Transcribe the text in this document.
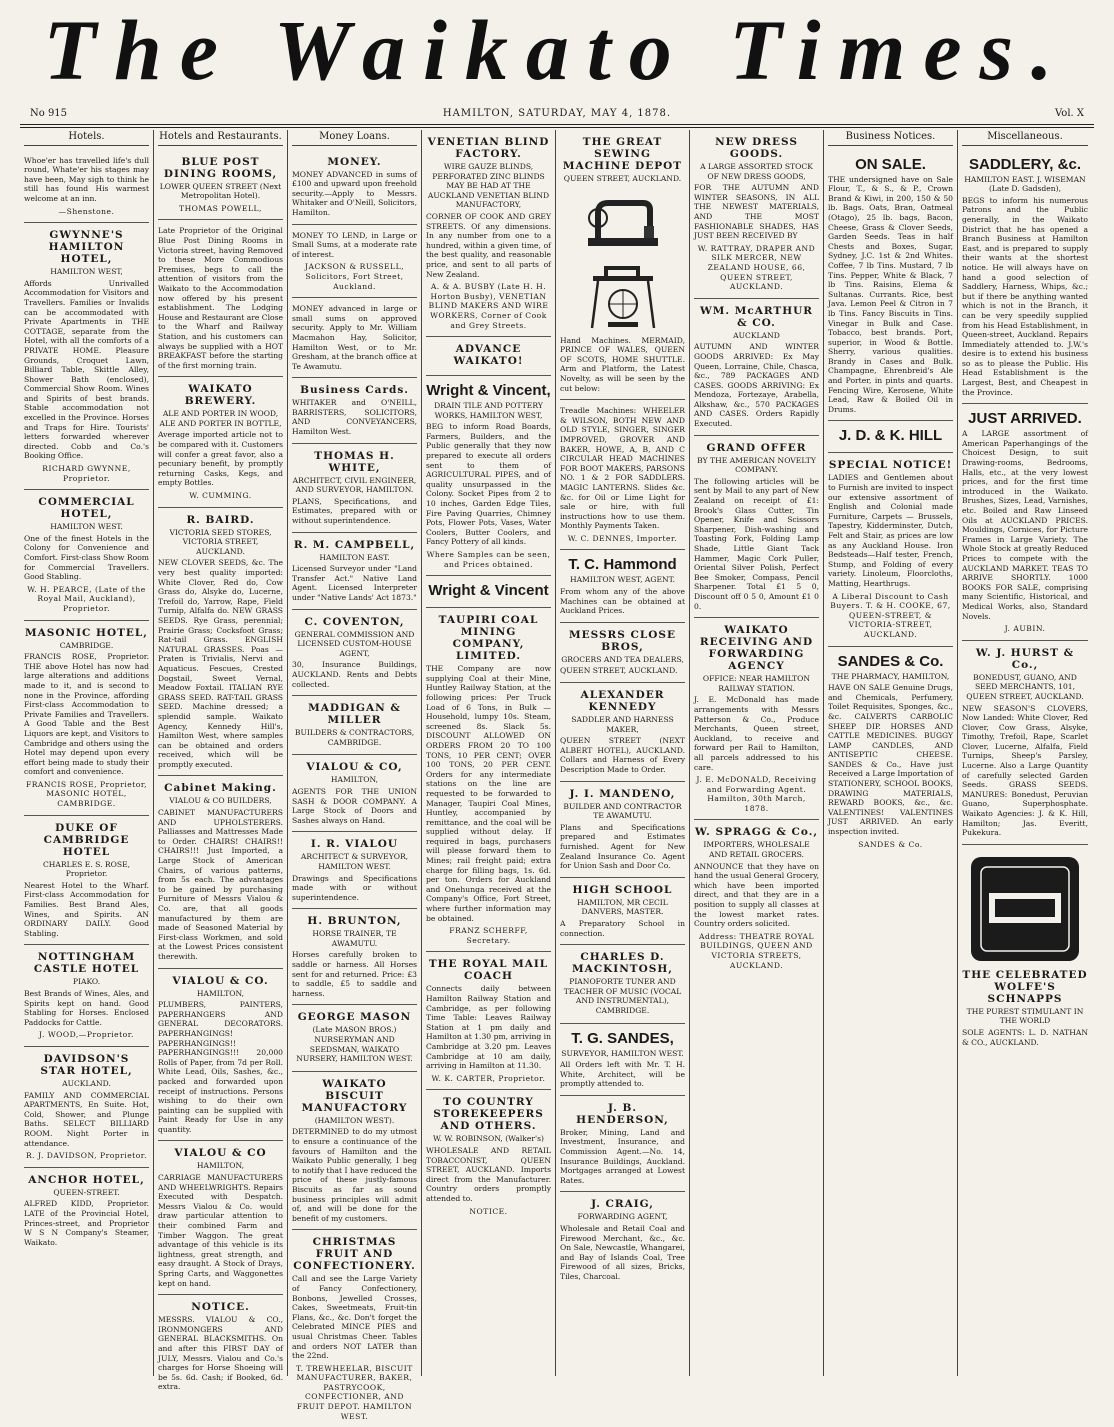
The Waikato Times.
No 915	HAMILTON, SATURDAY, MAY 4, 1878.	Vol. X
Hotels.
Whoe'er has travelled life's dull round, Whate'er his stages may have been, May sigh to think he still has found His warmest welcome at an inn.
—Shenstone.
GWYNNE'S HAMILTON HOTEL,
HAMILTON WEST,
Affords Unrivalled Accommodation for Visitors and Travellers. Families or Invalids can be accommodated with Private Apartments in THE COTTAGE, separate from the Hotel, with all the comforts of a PRIVATE HOME. Pleasure Grounds, Croquet Lawn, Billiard Table, Skittle Alley, Shower Bath (enclosed), Commercial Show Room. Wines and Spirits of best brands. Stable accommodation not excelled in the Province. Horses and Traps for Hire. Tourists' letters forwarded wherever directed. Cobb and Co.'s Booking Office.
RICHARD GWYNNE, Proprietor.
COMMERCIAL HOTEL,
HAMILTON WEST.
One of the finest Hotels in the Colony for Convenience and Comfort. First-class Show Room for Commercial Travellers. Good Stabling.
W. H. PEARCE, (Late of the Royal Mail, Auckland), Proprietor.
MASONIC HOTEL,
CAMBRIDGE.
FRANCIS ROSE, Proprietor. THE above Hotel has now had large alterations and additions made to it, and is second to none in the Province, affording First-class Accommodation to Private Families and Travellers. A Good Table and the Best Liquors are kept, and Visitors to Cambridge and others using the Hotel may depend upon every effort being made to study their comfort and convenience.
FRANCIS ROSE, Proprietor, MASONIC HOTEL, CAMBRIDGE.
DUKE OF CAMBRIDGE HOTEL
CHARLES E. S. ROSE, Proprietor.
Nearest Hotel to the Wharf. First-class Accommodation for Families. Best Brand Ales, Wines, and Spirits. AN ORDINARY DAILY. Good Stabling.
NOTTINGHAM CASTLE HOTEL
PIAKO.
Best Brands of Wines, Ales, and Spirits kept on hand. Good Stabling for Horses. Enclosed Paddocks for Cattle.
J. WOOD,—Proprietor.
DAVIDSON'S STAR HOTEL,
AUCKLAND.
FAMILY AND COMMERCIAL APARTMENTS, En Suite. Hot, Cold, Shower, and Plunge Baths. SELECT BILLIARD ROOM. Night Porter in attendance.
R. J. DAVIDSON, Proprietor.
ANCHOR HOTEL,
QUEEN-STREET.
ALFRED KIDD, Proprietor. LATE of the Provincial Hotel, Princes-street, and Proprietor W S N Company's Steamer, Waikato.
Hotels and Restaurants.
BLUE POST DINING ROOMS,
LOWER QUEEN STREET (Next Metropolitan Hotel).
THOMAS POWELL,
Late Proprietor of the Original Blue Post Dining Rooms in Victoria street, having Removed to these More Commodious Premises, begs to call the attention of visitors from the Waikato to the Accommodation now offered by his present establishment. The Lodging House and Restaurant are Close to the Wharf and Railway Station, and his customers can always be supplied with a HOT BREAKFAST before the starting of the first morning train.
WAIKATO BREWERY.
ALE AND PORTER IN WOOD, ALE AND PORTER IN BOTTLE,
Average imported article not to be compared with it. Customers will confer a great favor, also a pecuniary benefit, by promptly returning Casks, Kegs, and empty Bottles.
W. CUMMING.
R. BAIRD.
VICTORIA SEED STORES, VICTORIA STREET, AUCKLAND.
NEW CLOVER SEEDS, &c. The very best quality imported: White Clover, Red do, Cow Grass do, Alsyke do, Lucerne, Trefoil do, Yarrow, Rape, Field Turnip, Alfalfa do. NEW GRASS SEEDS. Rye Grass, perennial; Prairie Grass; Cocksfoot Grass; Rat-tail Grass. ENGLISH NATURAL GRASSES. Poas — Praten is Trivialis, Nervi and Aquaticus. Fescues, Crested Dogstail, Sweet Vernal, Meadow Foxtail. ITALIAN RYE GRASS SEED. RAT-TAIL GRASS SEED. Machine dressed; a splendid sample. Waikato Agency, Kennedy Hill's, Hamilton West, where samples can be obtained and orders received, which will be promptly executed.
Cabinet Making.
VIALOU & CO BUILDERS,
CABINET MANUFACTURERS AND UPHOLSTERERS. Palliasses and Mattresses Made to Order. CHAIRS! CHAIRS!! CHAIRS!!! Just Imported, a Large Stock of American Chairs, of various patterns, from 5s each. The advantages to be gained by purchasing Furniture of Messrs Vialou & Co. are, that all goods manufactured by them are made of Seasoned Material by First-class Workmen, and sold at the Lowest Prices consistent therewith.
VIALOU & CO.
HAMILTON,
PLUMBERS, PAINTERS, PAPERHANGERS AND GENERAL DECORATORS. PAPERHANGINGS! PAPERHANGINGS!! PAPERHANGINGS!!! 20,000 Rolls of Paper, from 7d per Roll. White Lead, Oils, Sashes, &c., packed and forwarded upon receipt of instructions. Persons wishing to do their own painting can be supplied with Paint Ready for Use in any quantity.
VIALOU & CO
HAMILTON,
CARRIAGE MANUFACTURERS AND WHEELWRIGHTS. Repairs Executed with Despatch. Messrs Vialou & Co. would draw particular attention to their combined Farm and Timber Waggon. The great advantage of this vehicle is its lightness, great strength, and easy draught. A Stock of Drays, Spring Carts, and Waggonettes kept on hand.
NOTICE.
MESSRS. VIALOU & CO., IRONMONGERS AND GENERAL BLACKSMITHS. On and after this FIRST DAY of JULY, Messrs. Vialou and Co.'s charges for Horse Shoeing will be 5s. 6d. Cash; if Booked, 6d. extra.
Money Loans.
MONEY.
MONEY ADVANCED in sums of £100 and upward upon freehold security.—Apply to Messrs. Whitaker and O'Neill, Solicitors, Hamilton.
MONEY TO LEND, in Large or Small Sums, at a moderate rate of interest.
JACKSON & RUSSELL, Solicitors, Fort Street, Auckland.
MONEY advanced in large or small sums on approved security. Apply to Mr. William Macmahon Hay, Solicitor, Hamilton West, or to Mr. Gresham, at the branch office at Te Awamutu.
Business Cards.
WHITAKER and O'NEILL, BARRISTERS, SOLICITORS, AND CONVEYANCERS, Hamilton West.
THOMAS H. WHITE,
ARCHITECT, CIVIL ENGINEER, AND SURVEYOR, HAMILTON.
PLANS, Specifications, and Estimates, prepared with or without superintendence.
R. M. CAMPBELL,
HAMILTON EAST.
Licensed Surveyor under "Land Transfer Act." Native Land Agent. Licensed Interpreter under "Native Lands' Act 1873."
C. COVENTON,
GENERAL COMMISSION AND LICENSED CUSTOM-HOUSE AGENT,
30, Insurance Buildings, AUCKLAND. Rents and Debts collected.
MADDIGAN & MILLER
BUILDERS & CONTRACTORS, CAMBRIDGE.
VIALOU & CO,
HAMILTON,
AGENTS FOR THE UNION SASH & DOOR COMPANY. A Large Stock of Doors and Sashes always on Hand.
I. R. VIALOU
ARCHITECT & SURVEYOR, HAMILTON WEST.
Drawings and Specifications made with or without superintendence.
H. BRUNTON,
HORSE TRAINER, TE AWAMUTU.
Horses carefully broken to saddle or harness. All Horses sent for and returned. Price: £3 to saddle, £5 to saddle and harness.
GEORGE MASON
(Late MASON BROS.) NURSERYMAN AND SEEDSMAN, WAIKATO NURSERY, HAMILTON WEST.
WAIKATO BISCUIT MANUFACTORY
(HAMILTON WEST).
DETERMINED to do my utmost to ensure a continuance of the favours of Hamilton and the Waikato Public generally, I beg to notify that I have reduced the price of these justly-famous Biscuits as far as sound business principles will admit of, and will be done for the benefit of my customers.
CHRISTMAS FRUIT AND CONFECTIONERY.
Call and see the Large Variety of Fancy Confectionery, Bonbons, Jewelled Crosses, Cakes, Sweetmeats, Fruit-tin Flans, &c., &c. Don't forget the Celebrated MINCE PIES and usual Christmas Cheer. Tables and orders NOT LATER than the 22nd.
T. TREWHEELAR, BISCUIT MANUFACTURER, BAKER, PASTRYCOOK, CONFECTIONER, AND FRUIT DEPOT. HAMILTON WEST.
VENETIAN BLIND FACTORY.
WIRE GAUZE BLINDS, PERFORATED ZINC BLINDS MAY BE HAD AT THE AUCKLAND VENETIAN BLIND MANUFACTORY,
CORNER OF COOK AND GREY STREETS. Of any dimensions. In any number from one to a hundred, within a given time, of the best quality, and reasonable price, and sent to all parts of New Zealand.
A. & A. BUSBY (Late H. H. Horton Busby), VENETIAN BLIND MAKERS AND WIRE WORKERS, Corner of Cook and Grey Streets.
ADVANCE WAIKATO!
Wright & Vincent,
DRAIN TILE AND POTTERY WORKS, HAMILTON WEST,
BEG to inform Road Boards, Farmers, Builders, and the Public generally that they now prepared to execute all orders sent to them of AGRICULTURAL PIPES, and of quality unsurpassed in the Colony. Socket Pipes from 2 to 10 inches, Garden Edge Tiles, Fire Paving Quarries, Chimney Pots, Flower Pots, Vases, Water Coolers, Butter Coolers, and Fancy Pottery of all kinds.
Where Samples can be seen, and Prices obtained.
Wright & Vincent
TAUPIRI COAL MINING COMPANY, LIMITED.
THE Company are now supplying Coal at their Mine, Huntley Railway Station, at the following prices: Per Truck Load of 6 Tons, in Bulk — Household, lumpy 10s. Steam, screened 8s. Slack 5s. DISCOUNT ALLOWED ON ORDERS FROM 20 TO 100 TONS, 10 PER CENT; OVER 100 TONS, 20 PER CENT. Orders for any intermediate stations on the line are requested to be forwarded to Manager, Taupiri Coal Mines, Huntley, accompanied by remittance, and the coal will be supplied without delay. If required in bags, purchasers will please forward them to Mines; rail freight paid; extra charge for filling bags, 1s. 6d. per ton. Orders for Auckland and Onehunga received at the Company's Office, Fort Street, where further information may be obtained.
FRANZ SCHERFF, Secretary.
THE ROYAL MAIL COACH
Connects daily between Hamilton Railway Station and Cambridge, as per following Time Table: Leaves Railway Station at 1 pm daily and Hamilton at 1.30 pm, arriving in Cambridge at 3.20 pm. Leaves Cambridge at 10 am daily, arriving in Hamilton at 11.30.
W. K. CARTER, Proprietor.
TO COUNTRY STOREKEEPERS AND OTHERS.
W. W. ROBINSON, (Walker's)
WHOLESALE AND RETAIL TOBACCONIST, QUEEN STREET, AUCKLAND. Imports direct from the Manufacturer. Country orders promptly attended to.
NOTICE.
THE GREAT SEWING MACHINE DEPOT
QUEEN STREET, AUCKLAND.
Hand Machines. MERMAID, PRINCE OF WALES, QUEEN OF SCOTS, HOME SHUTTLE. Arm and Platform, the Latest Novelty, as will be seen by the cut below:
Treadle Machines: WHEELER & WILSON, BOTH NEW AND OLD STYLE, SINGER, SINGER IMPROVED, GROVER AND BAKER, HOWE, A, B, AND C CIRCULAR HEAD MACHINES FOR BOOT MAKERS, PARSONS NO. 1 & 2 FOR SADDLERS. MAGIC LANTERNS. Slides &c. &c. for Oil or Lime Light for sale or hire, with full instructions how to use them. Monthly Payments Taken.
W. C. DENNES, Importer.
T. C. Hammond
HAMILTON WEST, AGENT.
From whom any of the above Machines can be obtained at Auckland Prices.
MESSRS CLOSE BROS,
GROCERS AND TEA DEALERS,
QUEEN STREET, AUCKLAND.
ALEXANDER KENNEDY
SADDLER AND HARNESS MAKER,
QUEEN STREET (NEXT ALBERT HOTEL), AUCKLAND. Collars and Harness of Every Description Made to Order.
J. I. MANDENO,
BUILDER AND CONTRACTOR TE AWAMUTU.
Plans and Specifications prepared and Estimates furnished. Agent for New Zealand Insurance Co. Agent for Union Sash and Door Co.
HIGH SCHOOL
HAMILTON, MR CECIL DANVERS, MASTER.
A Preparatory School in connection.
CHARLES D. MACKINTOSH,
PIANOFORTE TUNER AND TEACHER OF MUSIC (VOCAL AND INSTRUMENTAL), CAMBRIDGE.
T. G. SANDES,
SURVEYOR, HAMILTON WEST.
All Orders left with Mr. T. H. White, Architect, will be promptly attended to.
J. B. HENDERSON,
Broker, Mining, Land and Investment, Insurance, and Commission Agent.—No. 14, Insurance Buildings, Auckland. Mortgages arranged at Lowest Rates.
J. CRAIG,
FORWARDING AGENT,
Wholesale and Retail Coal and Firewood Merchant, &c., &c. On Sale, Newcastle, Whangarei, and Bay of Islands Coal, Tree Firewood of all sizes, Bricks, Tiles, Charcoal.
NEW DRESS GOODS.
A LARGE ASSORTED STOCK OF NEW DRESS GOODS,
FOR THE AUTUMN AND WINTER SEASONS, IN ALL THE NEWEST MATERIALS, AND THE MOST FASHIONABLE SHADES, HAS JUST BEEN RECEIVED BY
W. RATTRAY, DRAPER AND SILK MERCER, NEW ZEALAND HOUSE, 66, QUEEN STREET, AUCKLAND.
WM. McARTHUR & CO.
AUCKLAND
AUTUMN AND WINTER GOODS ARRIVED: Ex May Queen, Lorraine, Chile, Chasca, &c., 789 PACKAGES AND CASES. GOODS ARRIVING: Ex Mendoza, Fortezaye, Arabella, Alkshaw, &c., 570 PACKAGES AND CASES. Orders Rapidly Executed.
GRAND OFFER
BY THE AMERICAN NOVELTY COMPANY.
The following articles will be sent by Mail to any part of New Zealand on receipt of £1: Brook's Glass Cutter, Tin Opener, Knife and Scissors Sharpener, Dish-washing and Toasting Fork, Folding Lamp Shade, Little Giant Tack Hammer, Magic Cork Puller, Oriental Silver Polish, Perfect Bee Smoker, Compass, Pencil Sharpener. Total £1 5 0, Discount off 0 5 0, Amount £1 0 0.
WAIKATO RECEIVING AND FORWARDING AGENCY
OFFICE: NEAR HAMILTON RAILWAY STATION.
J. E. McDonald has made arrangements with Messrs Patterson & Co., Produce Merchants, Queen street, Auckland, to receive and forward per Rail to Hamilton, all parcels addressed to his care.
J. E. McDONALD, Receiving and Forwarding Agent. Hamilton, 30th March, 1878.
W. SPRAGG & Co.,
IMPORTERS, WHOLESALE AND RETAIL GROCERS.
ANNOUNCE that they have on hand the usual General Grocery, which have been imported direct, and that they are in a position to supply all classes at the lowest market rates. Country orders solicited.
Address: THEATRE ROYAL BUILDINGS, QUEEN AND VICTORIA STREETS, AUCKLAND.
Business Notices.
ON SALE.
THE undersigned have on Sale Flour, T., & S., & P., Crown Brand & Kiwi, in 200, 150 & 50 lb. Bags. Oats, Bran, Oatmeal (Otago), 25 lb. bags, Bacon, Cheese, Grass & Clover Seeds, Garden Seeds. Teas in half Chests and Boxes, Sugar, Sydney, J.C. 1st & 2nd Whites. Coffee, 7 lb Tins. Mustard, 7 lb Tins. Pepper, White & Black, 7 lb Tins. Raisins, Elema & Sultanas. Currants. Rice, best Java. Lemon Peel & Citron in 7 lb Tins. Fancy Biscuits in Tins. Vinegar in Bulk and Case. Tobacco, best brands. Port, superior, in Wood & Bottle. Sherry, various qualities. Brandy in Cases and Bulk. Champagne, Ehrenbreid's Ale and Porter, in pints and quarts. Fencing Wire, Kerosene, White Lead, Raw & Boiled Oil in Drums.
J. D. & K. HILL
SPECIAL NOTICE!
LADIES and Gentlemen about to Furnish are invited to inspect our extensive assortment of English and Colonial made Furniture, Carpets — Brussels, Tapestry, Kidderminster, Dutch, Felt and Stair, as prices are low as any Auckland House. Iron Bedsteads—Half tester, French, Stump, and Folding of every variety. Linoleum, Floorcloths, Matting, Hearthrugs.
A Liberal Discount to Cash Buyers. T. & H. COOKE, 67, QUEEN-STREET, & VICTORIA-STREET, AUCKLAND.
SANDES & Co.
THE PHARMACY, HAMILTON,
HAVE ON SALE Genuine Drugs, and Chemicals, Perfumery, Toilet Requisites, Sponges, &c., &c. CALVERTS CARBOLIC SHEEP DIP. HORSES AND CATTLE MEDICINES. BUGGY LAMP CANDLES, AND ANTISEPTIC CHEESE. SANDES & Co., Have just Received a Large Importation of STATIONERY, SCHOOL BOOKS, DRAWING MATERIALS, REWARD BOOKS, &c., &c. VALENTINES! VALENTINES JUST ARRIVED. An early inspection invited.
SANDES & Co.
Miscellaneous.
SADDLERY, &c.
HAMILTON EAST. J. WISEMAN (Late D. Gadsden),
BEGS to inform his numerous Patrons and the Public generally, in the Waikato District that he has opened a Branch Business at Hamilton East, and is prepared to supply their wants at the shortest notice. He will always have on hand a good selection of Saddlery, Harness, Whips, &c.; but if there be anything wanted which is not in the Branch, it can be very speedily supplied from his Head Establishment, in Queen-street, Auckland. Repairs Immediately attended to. J.W.'s desire is to extend his business so as to please the Public. His Head Establishment is the Largest, Best, and Cheapest in the Province.
JUST ARRIVED.
A LARGE assortment of American Paperhangings of the Choicest Design, to suit Drawing-rooms, Bedrooms, Halls, etc., at the very lowest prices, and for the first time introduced in the Waikato. Brushes, Sizes, Lead, Varnishes, etc. Boiled and Raw Linseed Oils at AUCKLAND PRICES. Mouldings, Cornices, for Picture Frames in Large Variety. The Whole Stock at greatly Reduced Prices to compete with the AUCKLAND MARKET. TEAS TO ARRIVE SHORTLY. 1000 BOOKS FOR SALE, comprising many Scientific, Historical, and Medical Works, also, Standard Novels.
J. AUBIN.
W. J. HURST & Co.,
BONEDUST, GUANO, AND SEED MERCHANTS, 101, QUEEN STREET, AUCKLAND.
NEW SEASON'S CLOVERS, Now Landed: White Clover, Red Clover, Cow Grass, Alsyke, Timothy, Trefoil, Rape, Scarlet Clover, Lucerne, Alfalfa, Field Turnips, Sheep's Parsley, Lucerne. Also a Large Quantity of carefully selected Garden Seeds. GRASS SEEDS. MANURES: Bonedust, Peruvian Guano, Superphosphate. Waikato Agencies: J. & K. Hill, Hamilton; Jas. Everitt, Pukekura.
THE CELEBRATED WOLFE'S SCHNAPPS
THE PUREST STIMULANT IN THE WORLD
SOLE AGENTS: L. D. NATHAN & CO., AUCKLAND.
